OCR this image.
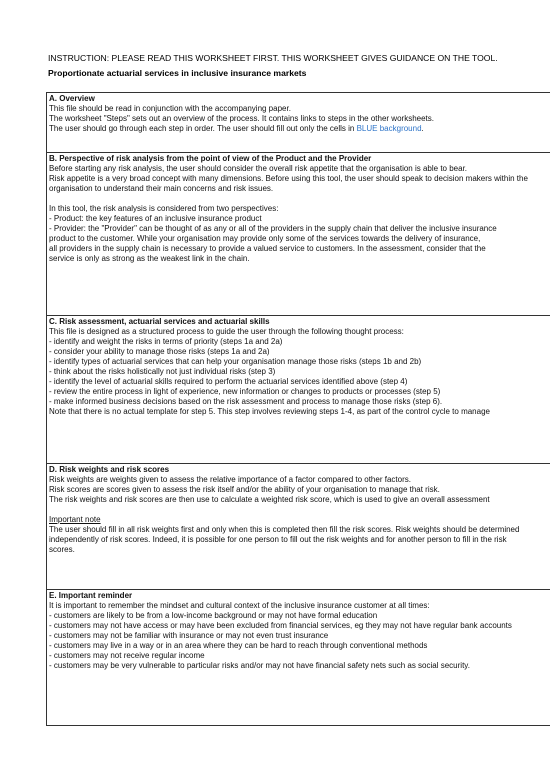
INSTRUCTION: PLEASE READ THIS WORKSHEET FIRST. THIS WORKSHEET GIVES GUIDANCE ON THE TOOL.
Proportionate actuarial services in inclusive insurance markets
A. Overview
This file should be read in conjunction with the accompanying paper.
The worksheet "Steps" sets out an overview of the process. It contains links to steps in the other worksheets.
The user should go through each step in order. The user should fill out only the cells in BLUE background.
B. Perspective of risk analysis from the point of view of the Product and the Provider
Before starting any risk analysis, the user should consider the overall risk appetite that the organisation is able to bear.
Risk appetite is a very broad concept with many dimensions. Before using this tool, the user should speak to decision makers within the
organisation to understand their main concerns and risk issues.
In this tool, the risk analysis is considered from two perspectives:
- Product: the key features of an inclusive insurance product
- Provider: the "Provider" can be thought of as any or all of the providers in the supply chain that deliver the inclusive insurance
product to the customer. While your organisation may provide only some of the services towards the delivery of insurance,
all providers in the supply chain is necessary to provide a valued service to customers. In the assessment, consider that the
service is only as strong as the weakest link in the chain.
C. Risk assessment, actuarial services and actuarial skills
This file is designed as a structured process to guide the user through the following thought process:
- identify and weight the risks in terms of priority (steps 1a and 2a)
- consider your ability to manage those risks (steps 1a and 2a)
- identify types of actuarial services that can help your organisation manage those risks (steps 1b and 2b)
- think about the risks holistically not just individual risks (step 3)
- identify the level of actuarial skills required to perform the actuarial services identified above (step 4)
- review the entire process in light of experience, new information or changes to products or processes (step 5)
- make informed business decisions based on the risk assessment and process to manage those risks (step 6).
Note that there is no actual template for step 5. This step involves reviewing steps 1-4, as part of the control cycle to manage
D. Risk weights and risk scores
Risk weights are weights given to assess the relative importance of a factor compared to other factors.
Risk scores are scores given to assess the risk itself and/or the ability of your organisation to manage that risk.
The risk weights and risk scores are then use to calculate a weighted risk score, which is used to give an overall assessment
Important note
The user should fill in all risk weights first and only when this is completed then fill the risk scores. Risk weights should be determined
independently of risk scores. Indeed, it is possible for one person to fill out the risk weights and for another person to fill in the risk
scores.
E. Important reminder
It is important to remember the mindset and cultural context of the inclusive insurance customer at all times:
- customers are likely to be from a low-income background or may not have formal education
- customers may not have access or may have been excluded from financial services, eg they may not have regular bank accounts
- customers may not be familiar with insurance or may not even trust insurance
- customers may live in a way or in an area where they can be hard to reach through conventional methods
- customers may not receive regular income
- customers may be very vulnerable to particular risks and/or may not have financial safety nets such as social security.
